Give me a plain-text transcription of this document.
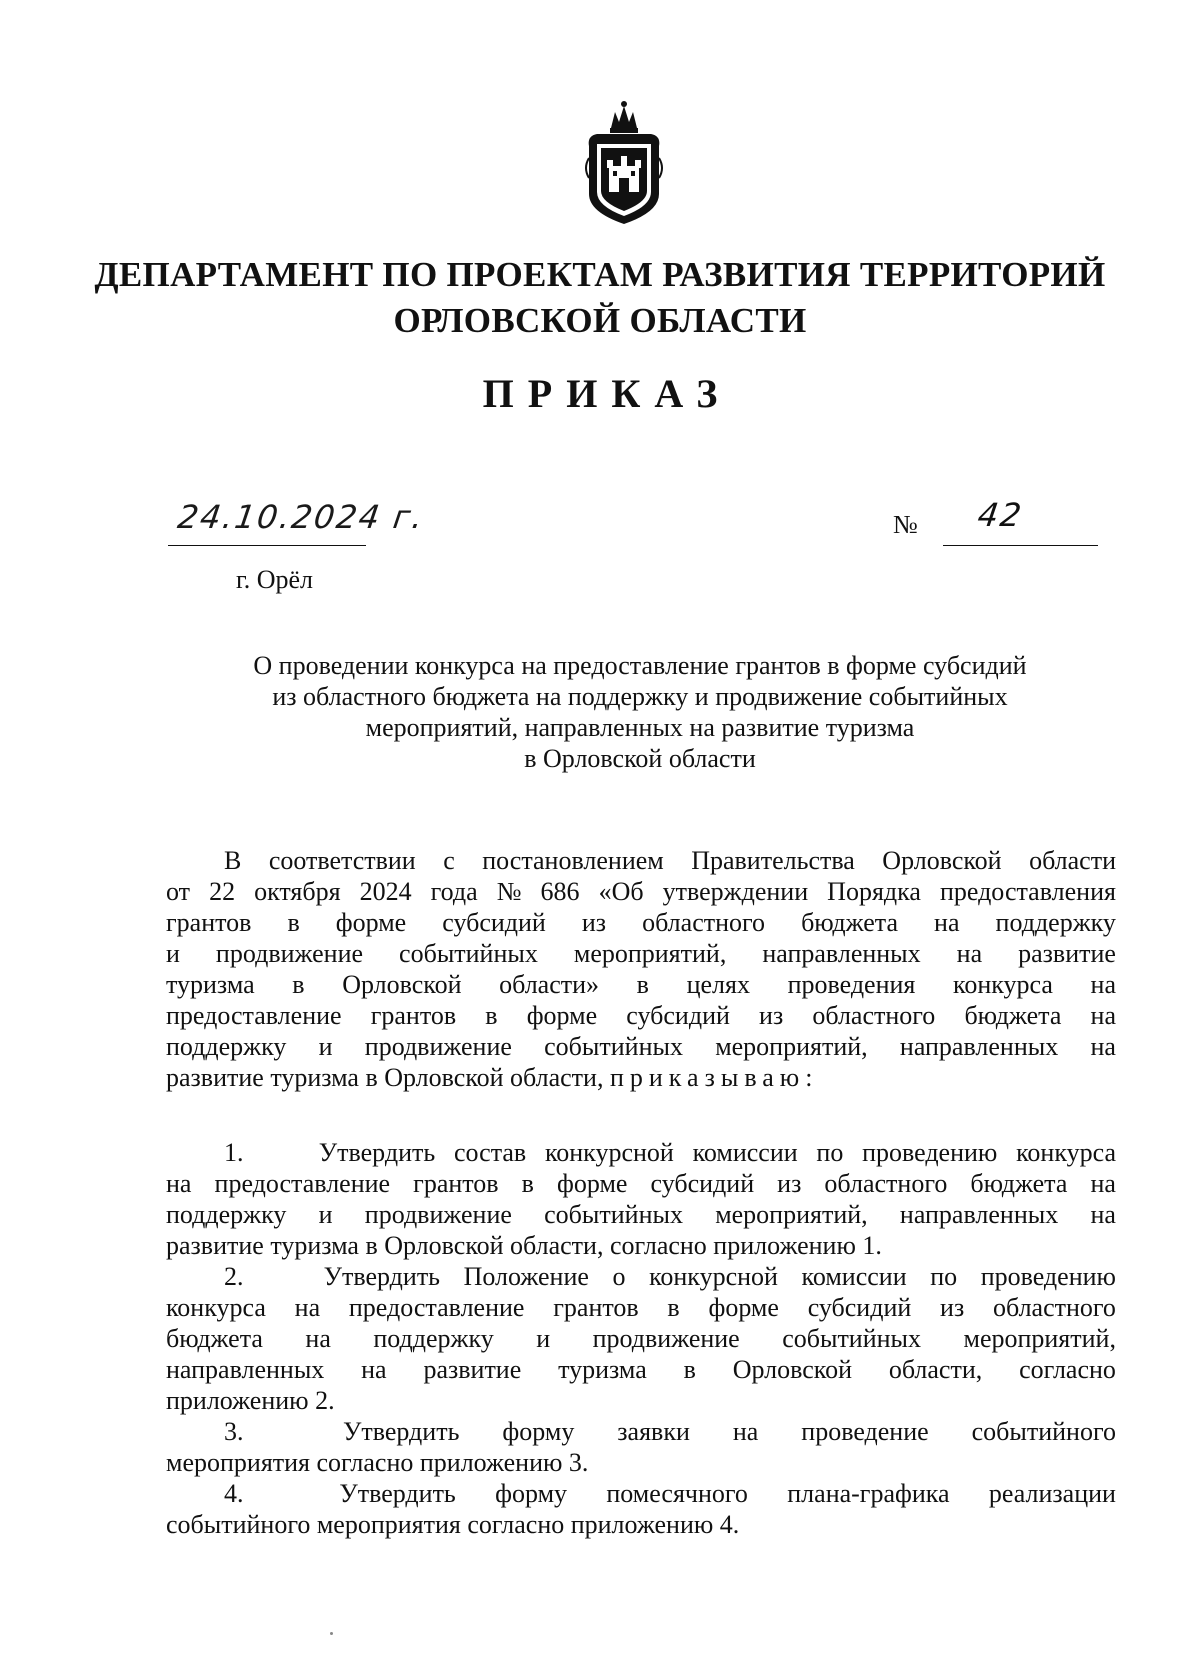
ДЕПАРТАМЕНТ ПО ПРОЕКТАМ РАЗВИТИЯ ТЕРРИТОРИЙ
ОРЛОВСКОЙ ОБЛАСТИ
ПРИКАЗ
24.10.2024 г.	№ 42
г. Орёл
О проведении конкурса на предоставление грантов в форме субсидий
из областного бюджета на поддержку и продвижение событийных
мероприятий, направленных на развитие туризма
в Орловской области
В соответствии с постановлением Правительства Орловской области
от 22 октября 2024 года № 686 «Об утверждении Порядка предоставления
грантов в форме субсидий из областного бюджета на поддержку
и продвижение событийных мероприятий, направленных на развитие
туризма в Орловской области» в целях проведения конкурса на
предоставление грантов в форме субсидий из областного бюджета на
поддержку и продвижение событийных мероприятий, направленных на
развитие туризма в Орловской области, приказываю:
1.	Утвердить состав конкурсной комиссии по проведению конкурса
на предоставление грантов в форме субсидий из областного бюджета на
поддержку и продвижение событийных мероприятий, направленных на
развитие туризма в Орловской области, согласно приложению 1.
2.	Утвердить Положение о конкурсной комиссии по проведению
конкурса на предоставление грантов в форме субсидий из областного
бюджета на поддержку и продвижение событийных мероприятий,
направленных на развитие туризма в Орловской области, согласно
приложению 2.
3.	Утвердить форму заявки на проведение событийного
мероприятия согласно приложению 3.
4.	Утвердить форму помесячного плана-графика реализации
событийного мероприятия согласно приложению 4.
